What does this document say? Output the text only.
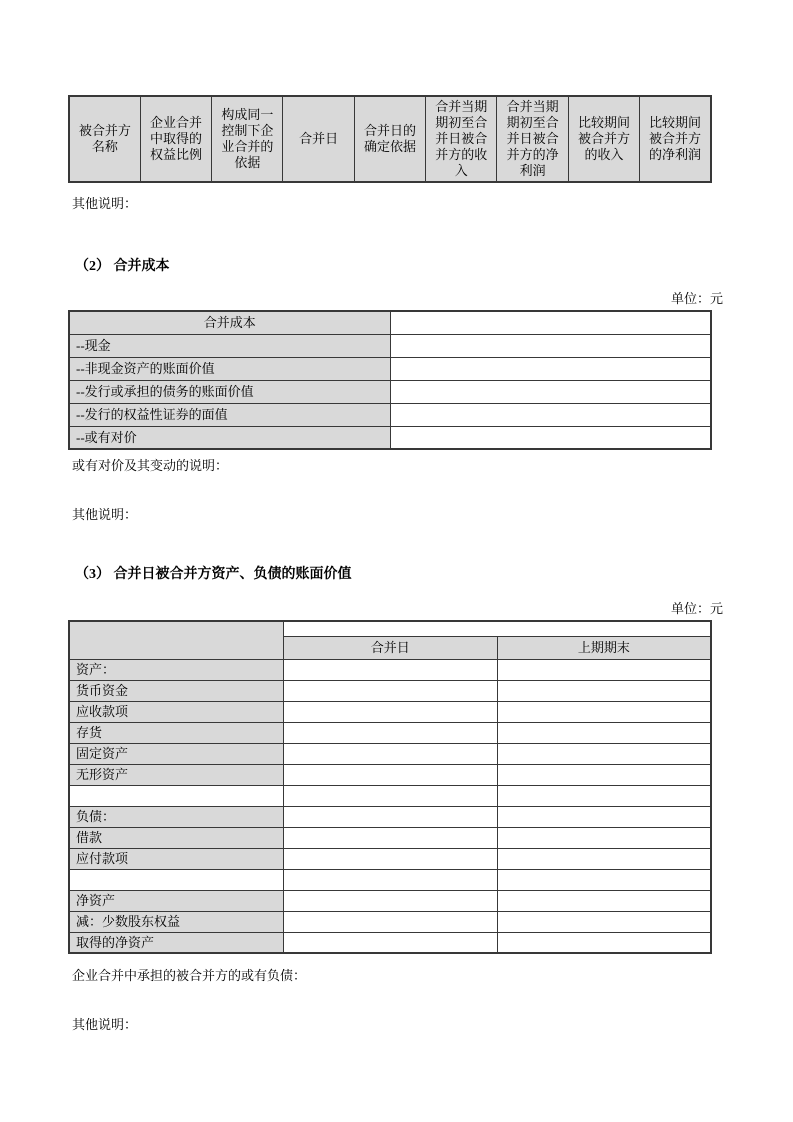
被合并方名称	企业合并中取得的权益比例	构成同一控制下企业合并的依据	合并日	合并日的确定依据	合并当期期初至合并日被合并方的收入	合并当期期初至合并日被合并方的净利润	比较期间被合并方的收入	比较期间被合并方的净利润

其他说明：

（2） 合并成本

单位：元

合并成本	
--现金	
--非现金资产的账面价值	
--发行或承担的债务的账面价值	
--发行的权益性证券的面值	
--或有对价	

或有对价及其变动的说明：

其他说明：

（3） 合并日被合并方资产、负债的账面价值

单位：元

	合并日	上期期末
资产：		
货币资金		
应收款项		
存货		
固定资产		
无形资产		

负债：		
借款		
应付款项		

净资产		
减：少数股东权益		
取得的净资产		

企业合并中承担的被合并方的或有负债：

其他说明：
